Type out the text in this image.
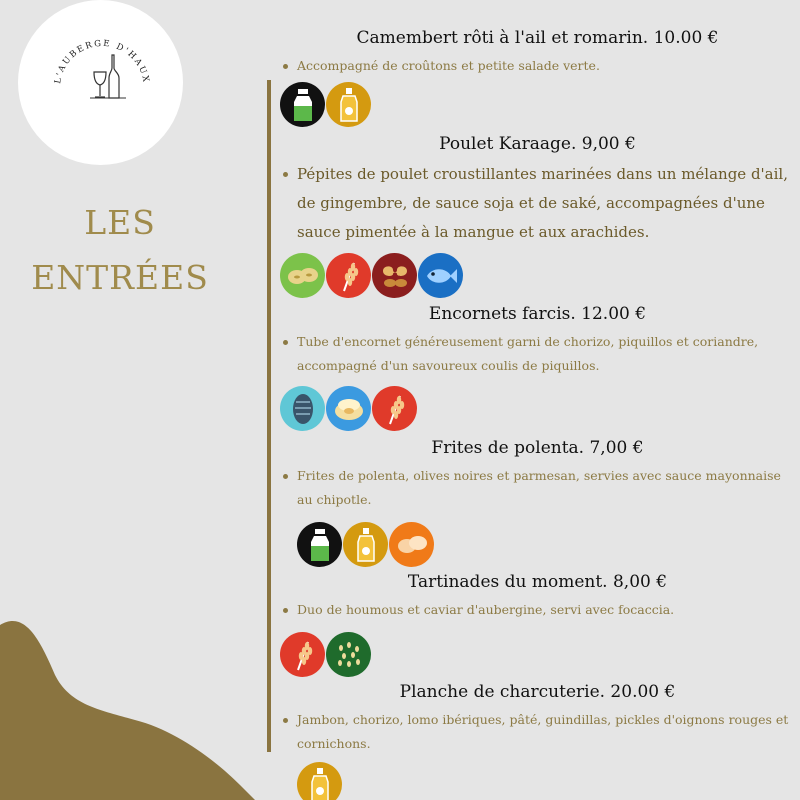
L'AUBERGE D'HAUX
LES
ENTRÉES
Camembert rôti à l'ail et romarin. 10.00 €
Accompagné de croûtons et petite salade verte.
Poulet Karaage. 9,00 €
Pépites de poulet croustillantes marinées dans un mélange d'ail, de gingembre, de sauce soja et de saké, accompagnées d'une sauce pimentée à la mangue et aux arachides.
Encornets farcis. 12.00 €
Tube d'encornet généreusement garni de chorizo, piquillos et coriandre, accompagné d'un savoureux coulis de piquillos.
Frites de polenta. 7,00 €
Frites de polenta, olives noires et parmesan, servies avec sauce mayonnaise au chipotle.
Tartinades du moment. 8,00 €
Duo de houmous et caviar d'aubergine, servi avec focaccia.
Planche de charcuterie. 20.00 €
Jambon, chorizo, lomo ibériques, pâté, guindillas, pickles d'oignons rouges et cornichons.
